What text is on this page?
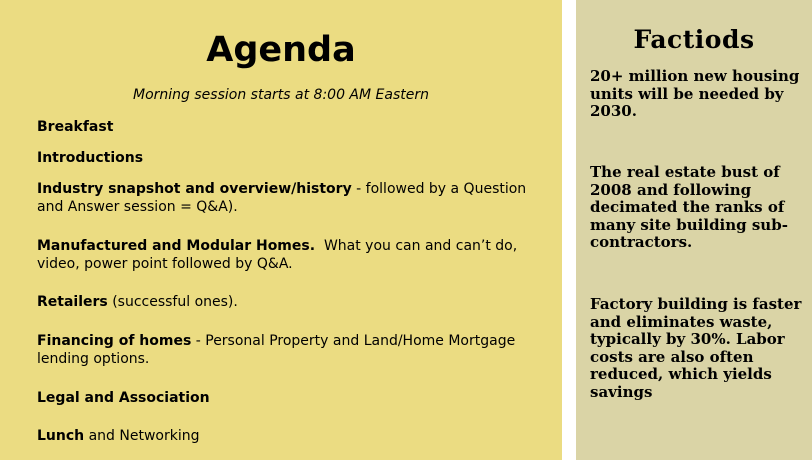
Agenda
Morning session starts at 8:00 AM Eastern
Breakfast
Introductions
Industry snapshot and overview/history - followed by a Question and Answer session = Q&A).
Manufactured and Modular Homes.  What you can and can’t do, video, power point followed by Q&A.
Retailers (successful ones).
Financing of homes - Personal Property and Land/Home Mortgage lending options.
Legal and Association
Lunch and Networking
Factiods
20+ million new housing units will be needed by 2030.
The real estate bust of 2008 and following decimated the ranks of many site building sub-contractors.
Factory building is faster and eliminates waste, typically by 30%. Labor costs are also often reduced, which yields savings
